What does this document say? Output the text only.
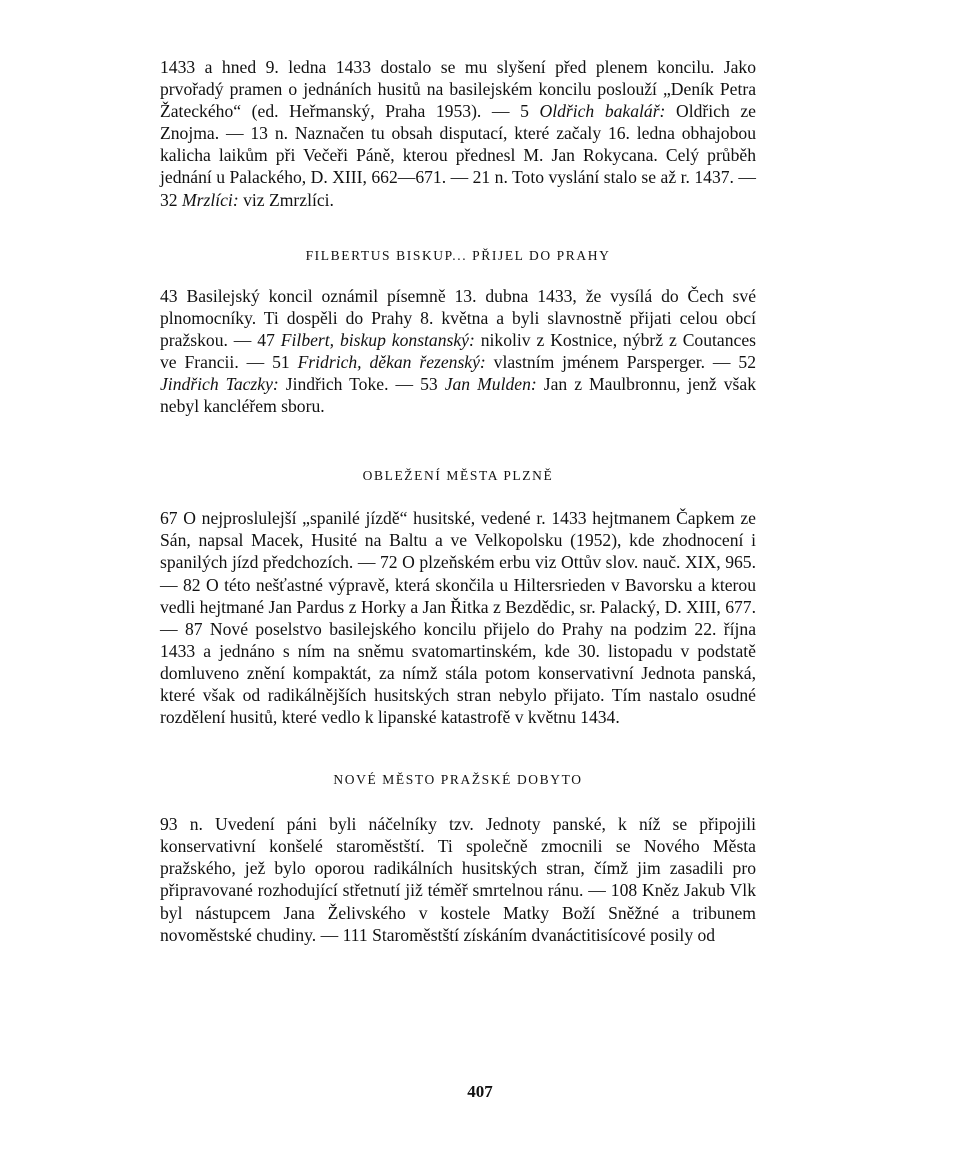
1433 a hned 9. ledna 1433 dostalo se mu slyšení před plenem koncilu. Jako prvořadý pramen o jednáních husitů na basilejském koncilu poslouží „Deník Petra Žateckého“ (ed. Heřmanský, Praha 1953). — 5 Oldřich bakalář: Oldřich ze Znojma. — 13 n. Naznačen tu obsah disputací, které začaly 16. ledna obhajobou kalicha laikům při Večeři Páně, kterou přednesl M. Jan Rokycana. Celý průběh jednání u Palackého, D. XIII, 662—671. — 21 n. Toto vyslání stalo se až r. 1437. — 32 Mrzlíci: viz Zmrzlíci.

FILBERTUS BISKUP... PŘIJEL DO PRAHY

43 Basilejský koncil oznámil písemně 13. dubna 1433, že vysílá do Čech své plnomocníky. Ti dospěli do Prahy 8. května a byli slavnostně přijati celou obcí pražskou. — 47 Filbert, biskup konstanský: nikoliv z Kostnice, nýbrž z Coutances ve Francii. — 51 Fridrich, děkan řezenský: vlastním jménem Parsperger. — 52 Jindřich Taczky: Jindřich Toke. — 53 Jan Mulden: Jan z Maulbronnu, jenž však nebyl kancléřem sboru.

OBLEŽENÍ MĚSTA PLZNĚ

67 O nejproslulejší „spanilé jízdě“ husitské, vedené r. 1433 hejtmanem Čapkem ze Sán, napsal Macek, Husité na Baltu a ve Velkopolsku (1952), kde zhodnocení i spanilých jízd předchozích. — 72 O plzeňském erbu viz Ottův slov. nauč. XIX, 965. — 82 O této nešťastné výpravě, která skončila u Hiltersrieden v Bavorsku a kterou vedli hejtmané Jan Pardus z Horky a Jan Řitka z Bezdědic, sr. Palacký, D. XIII, 677. — 87 Nové poselstvo basilejského koncilu přijelo do Prahy na podzim 22. října 1433 a jednáno s ním na sněmu svatomartinském, kde 30. listopadu v podstatě domluveno znění kompaktát, za nímž stála potom konservativní Jednota panská, které však od radikálnějších husitských stran nebylo přijato. Tím nastalo osudné rozdělení husitů, které vedlo k lipanské katastrofě v květnu 1434.

NOVÉ MĚSTO PRAŽSKÉ DOBYTO

93 n. Uvedení páni byli náčelníky tzv. Jednoty panské, k níž se připojili konservativní konšelé staroměstští. Ti společně zmocnili se Nového Města pražského, jež bylo oporou radikálních husitských stran, čímž jim zasadili pro připravované rozhodující střetnutí již téměř smrtelnou ránu. — 108 Kněz Jakub Vlk byl nástupcem Jana Želivského v kostele Matky Boží Sněžné a tribunem novoměstské chudiny. — 111 Staroměstští získáním dvanáctitisícové posily od

407
